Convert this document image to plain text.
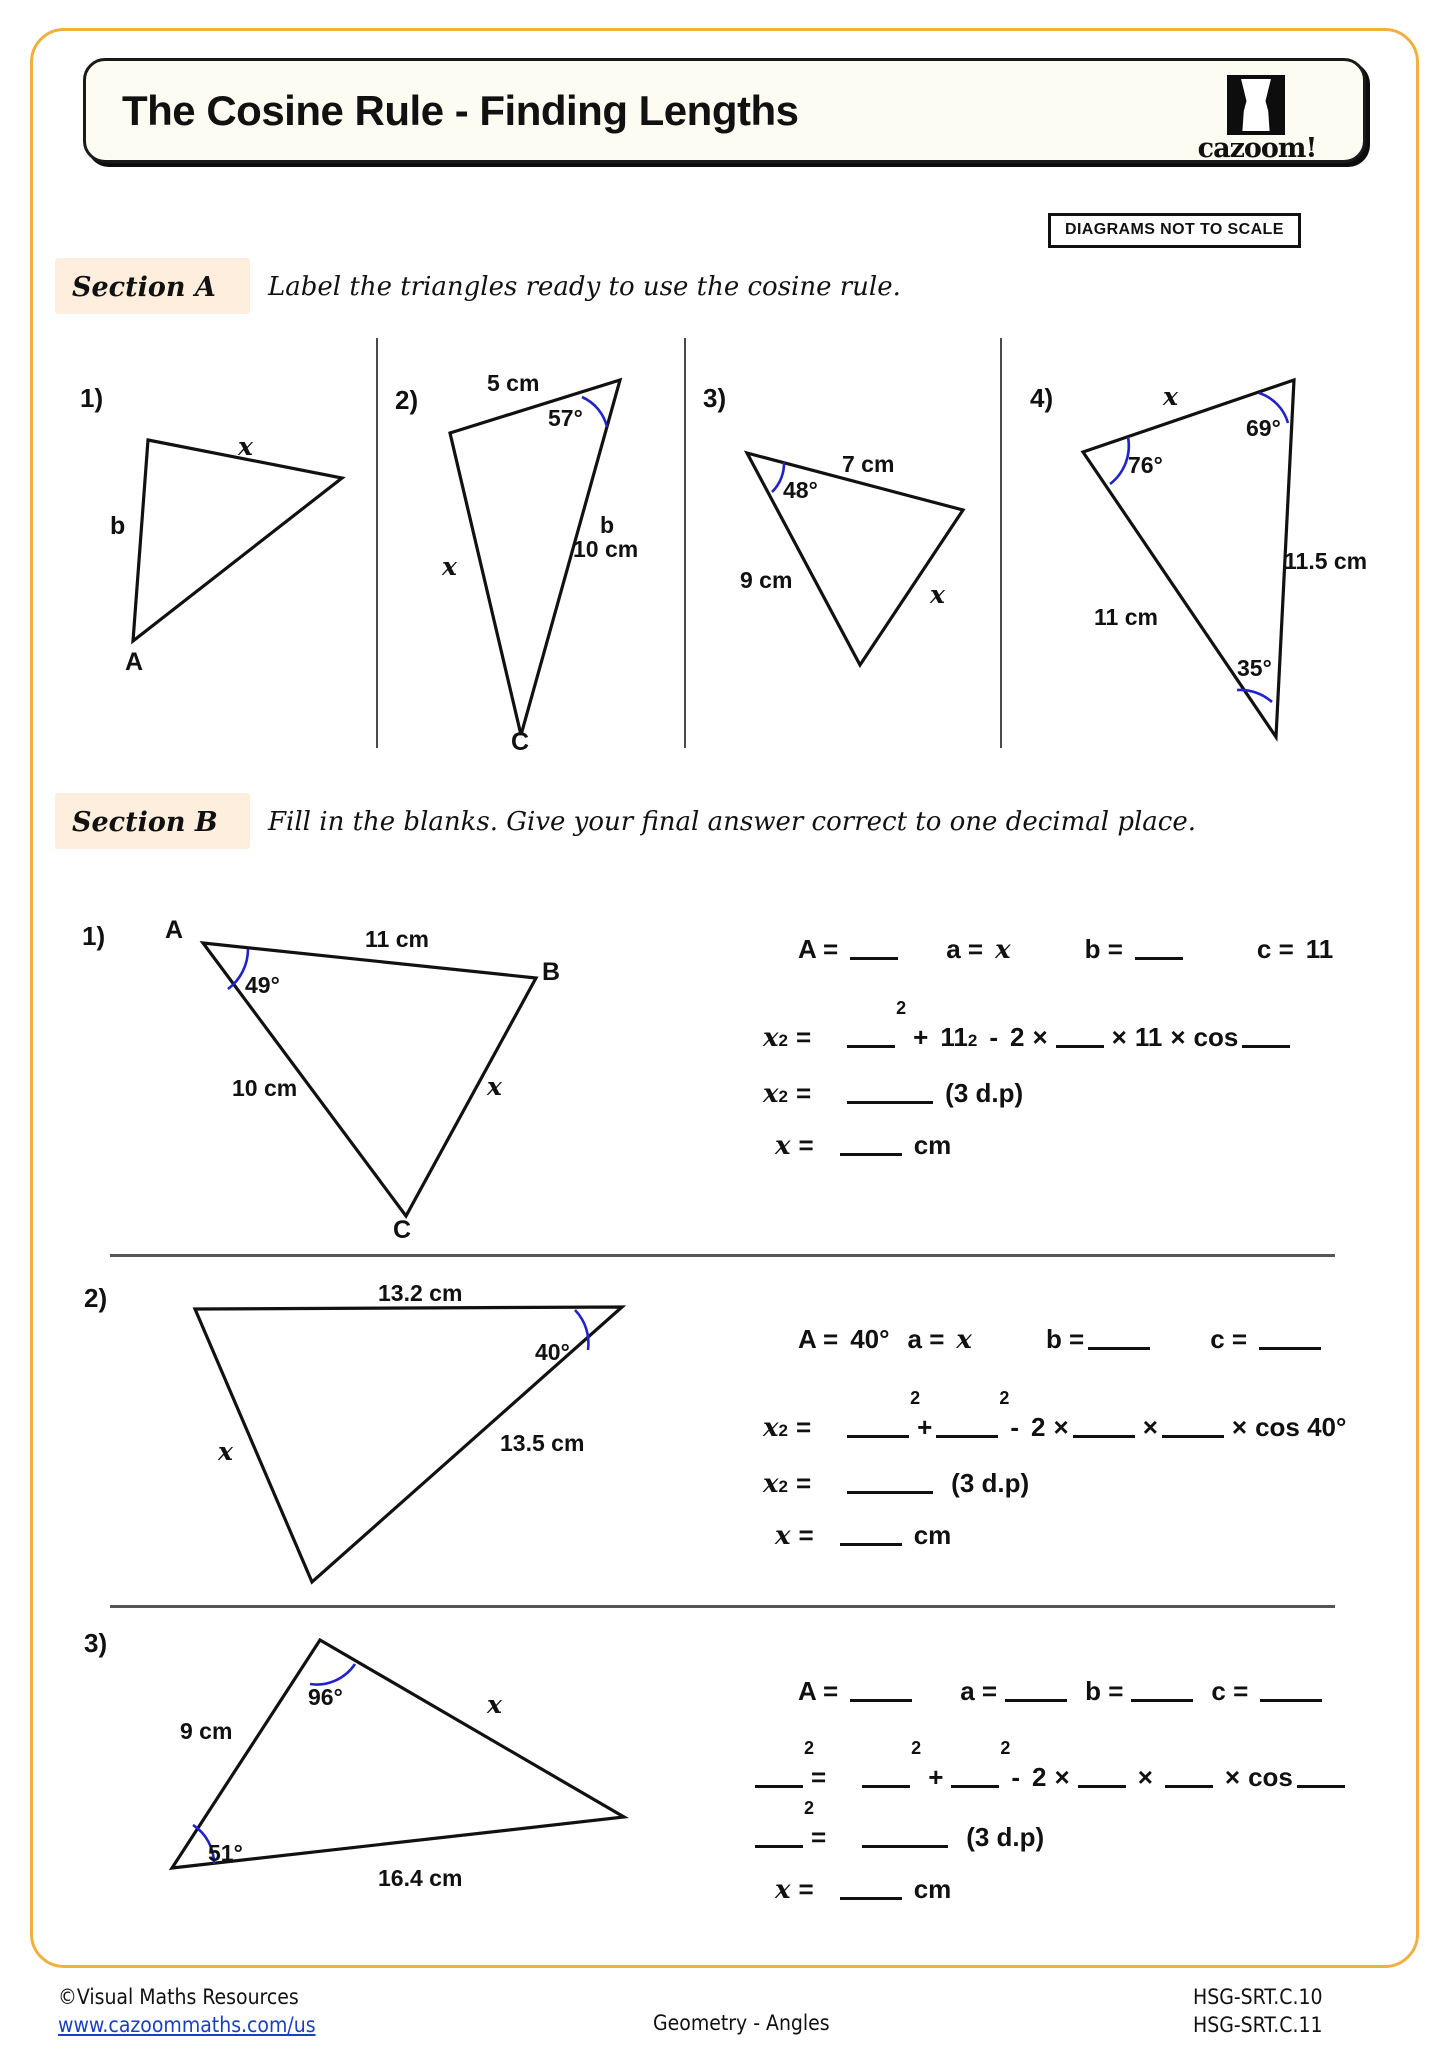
The Cosine Rule - Finding Lengths
cazoom!
DIAGRAMS NOT TO SCALE
Section A Label the triangles ready to use the cosine rule.
1)
x
b
A
2)
5 cm
57°
b
10 cm
x
C
3)
7 cm
48°
9 cm	x
4)	x
69°
76°
11.5 cm
11 cm
35°
Section B Fill in the blanks. Give your final answer correct to one decimal place.
1) A
B
C
11 cm
49°
10 cm	x
A =	a = x	b =	c = 11
x 2 =
2
+ 11 2 - 2 × × 11 × cos
x 2 =	(3 d.p)
x =	cm
2)	13.2 cm
40°
13.5 cm
x
A = 40° a = x	b =	c =
x 2 =
2
+
2
- 2 ×	×	× cos 40°
x 2 =	(3 d.p)
x =	cm
3)
96°	x
9 cm
51°
16.4 cm
A =	a =	b =	c =
2
=
2
+
2
- 2 ×	×	× cos
2
=	(3 d.p)
x =	cm
©Visual Maths Resources
www.cazoommaths.com/us	Geometry - Angles
HSG-SRT.C.10
HSG-SRT.C.11
